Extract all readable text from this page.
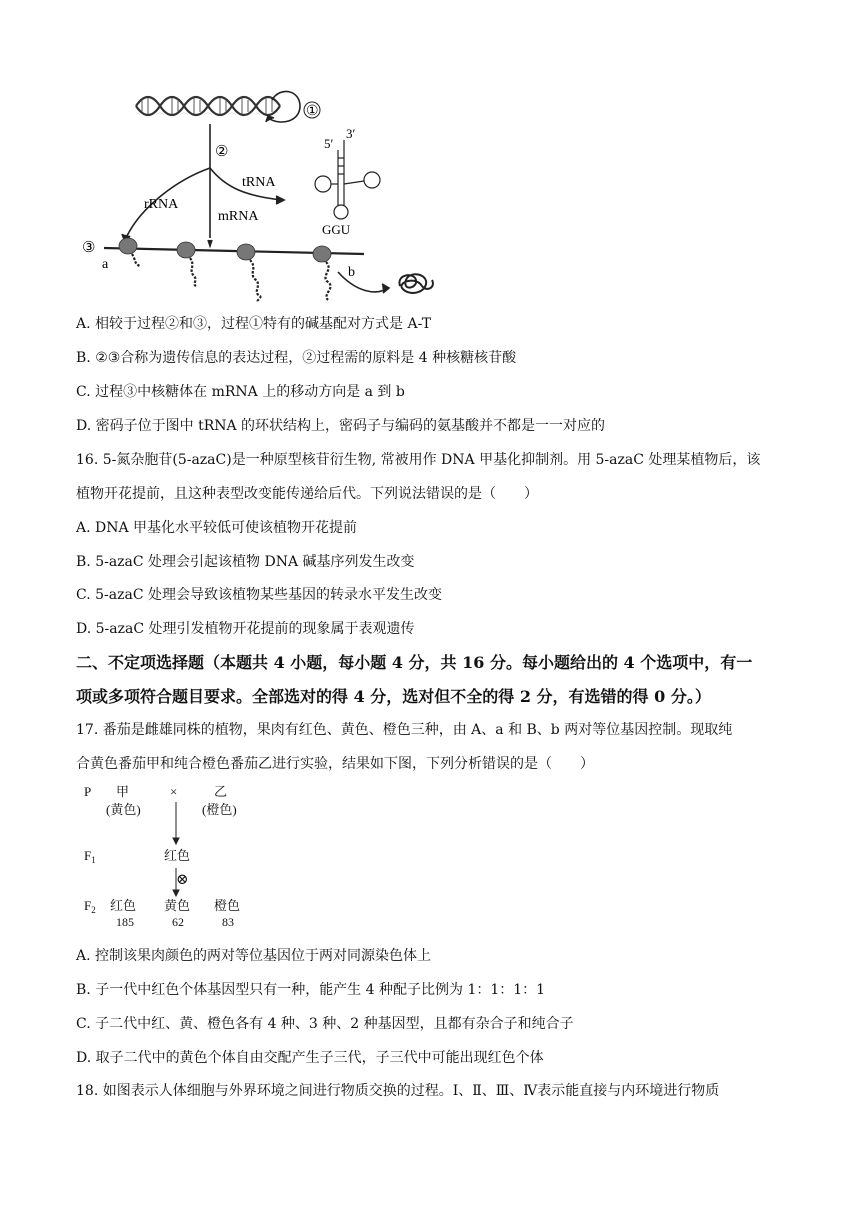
①
②
③
tRNA
rRNA
mRNA
5′
3′
GGU
a
b
A. 相较于过程②和③，过程①特有的碱基配对方式是 A-T
B. ②③合称为遗传信息的表达过程，②过程需的原料是 4 种核糖核苷酸
C. 过程③中核糖体在 mRNA 上的移动方向是 a 到 b
D. 密码子位于图中 tRNA 的环状结构上，密码子与编码的氨基酸并不都是一一对应的
16. 5-氮杂胞苷(5-azaC)是一种原型核苷衍生物, 常被用作 DNA 甲基化抑制剂。用 5-azaC 处理某植物后，该
植物开花提前，且这种表型改变能传递给后代。下列说法错误的是（　　）
A. DNA 甲基化水平较低可使该植物开花提前
B. 5-azaC 处理会引起该植物 DNA 碱基序列发生改变
C. 5-azaC 处理会导致该植物某些基因的转录水平发生改变
D. 5-azaC 处理引发植物开花提前的现象属于表观遗传
二、不定项选择题（本题共 4 小题，每小题 4 分，共 16 分。每小题给出的 4 个选项中，有一
项或多项符合题目要求。全部选对的得 4 分，选对但不全的得 2 分，有选错的得 0 分。）
17. 番茄是雌雄同株的植物，果肉有红色、黄色、橙色三种，由 A、a 和 B、b 两对等位基因控制。现取纯
合黄色番茄甲和纯合橙色番茄乙进行实验，结果如下图，下列分析错误的是（　　）
P 甲
(黄色)
×	乙
(橙色)
$F_1$	红色
⊗
$F_2$ 红色 黄色 橙色
185	62	83
A. 控制该果肉颜色的两对等位基因位于两对同源染色体上
B. 子一代中红色个体基因型只有一种，能产生 4 种配子比例为 1：1：1：1
C. 子二代中红、黄、橙色各有 4 种、3 种、2 种基因型，且都有杂合子和纯合子
D. 取子二代中的黄色个体自由交配产生子三代，子三代中可能出现红色个体
18. 如图表示人体细胞与外界环境之间进行物质交换的过程。Ⅰ、Ⅱ、Ⅲ、Ⅳ表示能直接与内环境进行物质
